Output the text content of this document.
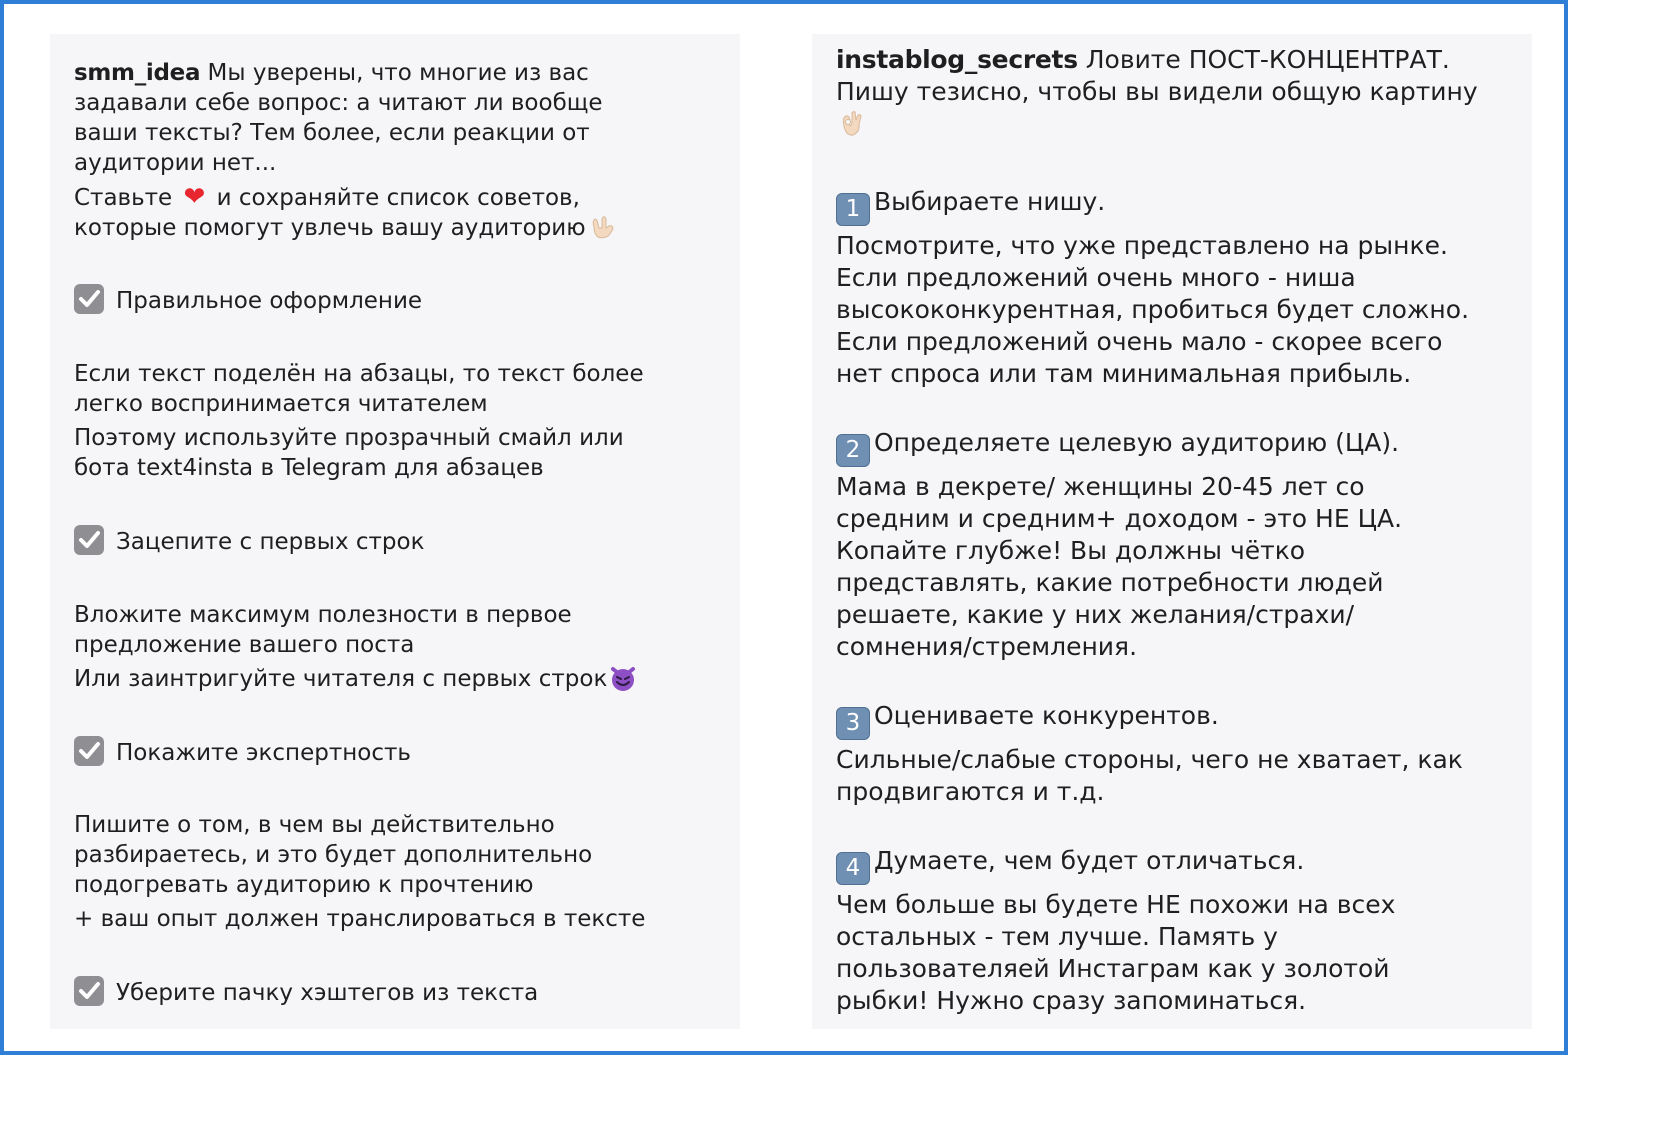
smm_idea Мы уверены, что многие из вас
задавали себе вопрос: а читают ли вообще
ваши тексты? Тем более, если реакции от
аудитории нет...
Ставьте ❤ и сохраняйте список советов,
которые помогут увлечь вашу аудиторию
Правильное оформление
Если текст поделён на абзацы, то текст более
легко воспринимается читателем
Поэтому используйте прозрачный смайл или
бота text4insta в Telegram для абзацев
Зацепите с первых строк
Вложите максимум полезности в первое
предложение вашего поста
Или заинтригуйте читателя с первых строк
Покажите экспертность
Пишите о том, в чем вы действительно
разбираетесь, и это будет дополнительно
подогревать аудиторию к прочтению
+ ваш опыт должен транслироваться в тексте
Уберите пачку хэштегов из текста
instablog_secrets Ловите ПОСТ-КОНЦЕНТРАТ.
Пишу тезисно, чтобы вы видели общую картину
1 Выбираете нишу.
Посмотрите, что уже представлено на рынке.
Если предложений очень много - ниша
высококонкурентная, пробиться будет сложно.
Если предложений очень мало - скорее всего
нет спроса или там минимальная прибыль.
2 Определяете целевую аудиторию (ЦА).
Мама в декрете/ женщины 20-45 лет со
средним и средним+ доходом - это НЕ ЦА.
Копайте глубже! Вы должны чётко
представлять, какие потребности людей
решаете, какие у них желания/страхи/
сомнения/стремления.
3 Оцениваете конкурентов.
Сильные/слабые стороны, чего не хватает, как
продвигаются и т.д.
4 Думаете, чем будет отличаться.
Чем больше вы будете НЕ похожи на всех
остальных - тем лучше. Память у
пользователяей Инстаграм как у золотой
рыбки! Нужно сразу запоминаться.
